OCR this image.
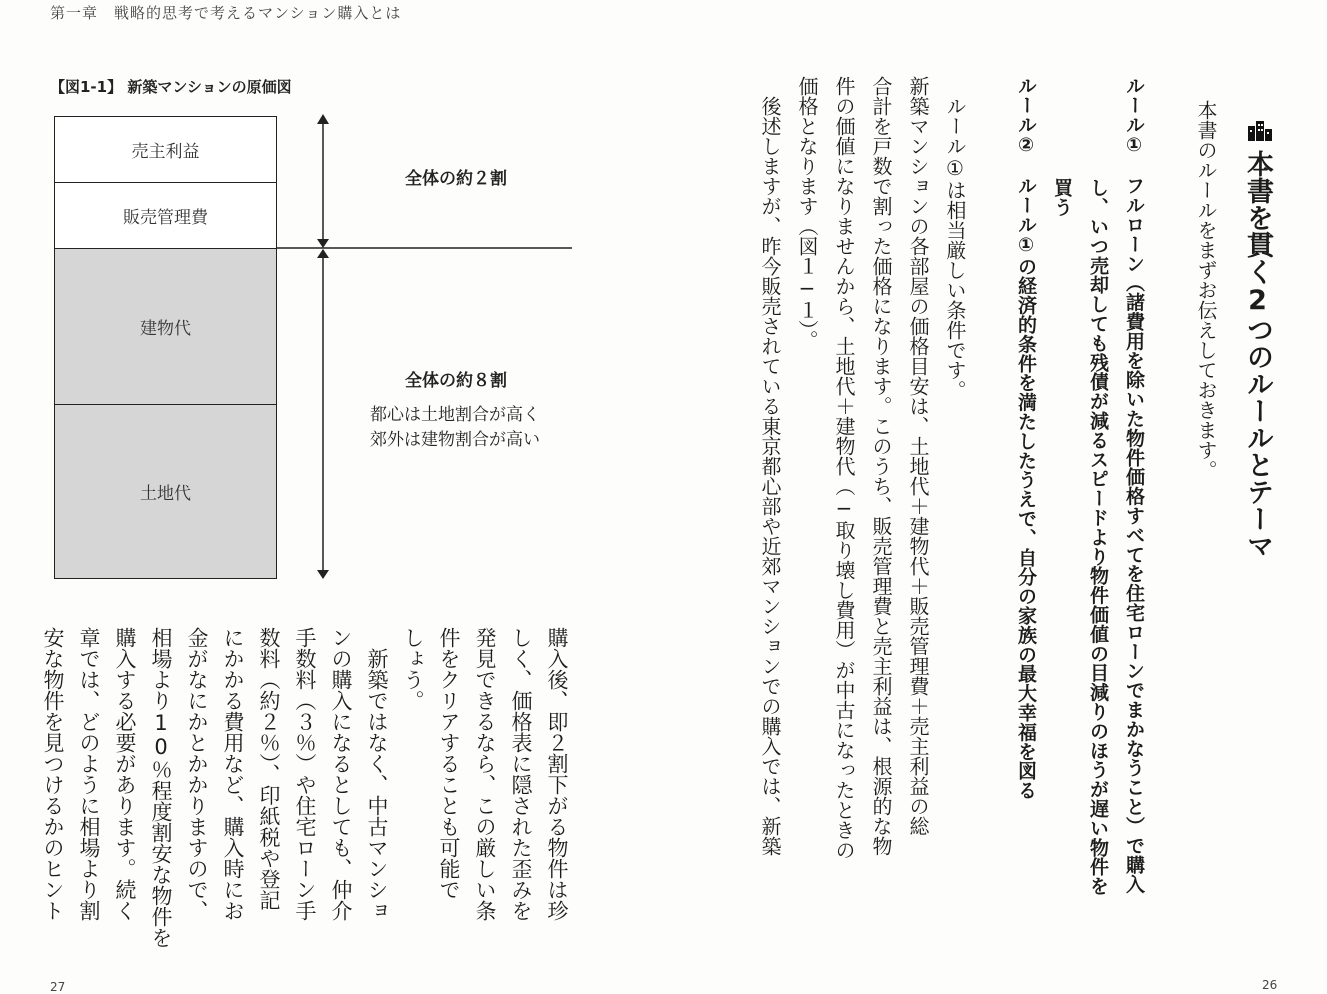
第一章　戦略的思考で考えるマンション購入とは
【図1-1】 新築マンションの原価図
売主利益
販売管理費
建物代
土地代
全体の約２割
全体の約８割
都心は土地割合が高く
郊外は建物割合が高い
購入後、即２割下がる物件は珍
しく、価格表に隠された歪みを
発見できるなら、この厳しい条
件をクリアすることも可能で
しょう。
　新築ではなく、中古マンショ
ンの購入になるとしても、仲介
手数料（３％）や住宅ローン手
数料（約２％）、印紙税や登記
にかかる費用など、購入時にお
金がなにかとかかりますので、
相場より10％程度割安な物件を
購入する必要があります。続く
章では、どのように相場より割
安な物件を見つけるかのヒント
27
本書を貫く2つのルールとテーマ
本書のルールをまずお伝えしておきます。
ルール①　フルローン（諸費用を除いた物件価格すべてを住宅ローンでまかなうこと）で購入
し、いつ売却しても残債が減るスピードより物件価値の目減りのほうが遅い物件を
買う
ルール②　ルール①の経済的条件を満たしたうえで、自分の家族の最大幸福を図る
　ルール①は相当厳しい条件です。
新築マンションの各部屋の価格目安は、土地代＋建物代＋販売管理費＋売主利益の総
合計を戸数で割った価格になります。このうち、販売管理費と売主利益は、根源的な物
件の価値になりませんから、土地代＋建物代（−取り壊し費用）が中古になったときの
価格となります（図１−１）。
　後述しますが、昨今販売されている東京都心部や近郊マンションでの購入では、新築
26
